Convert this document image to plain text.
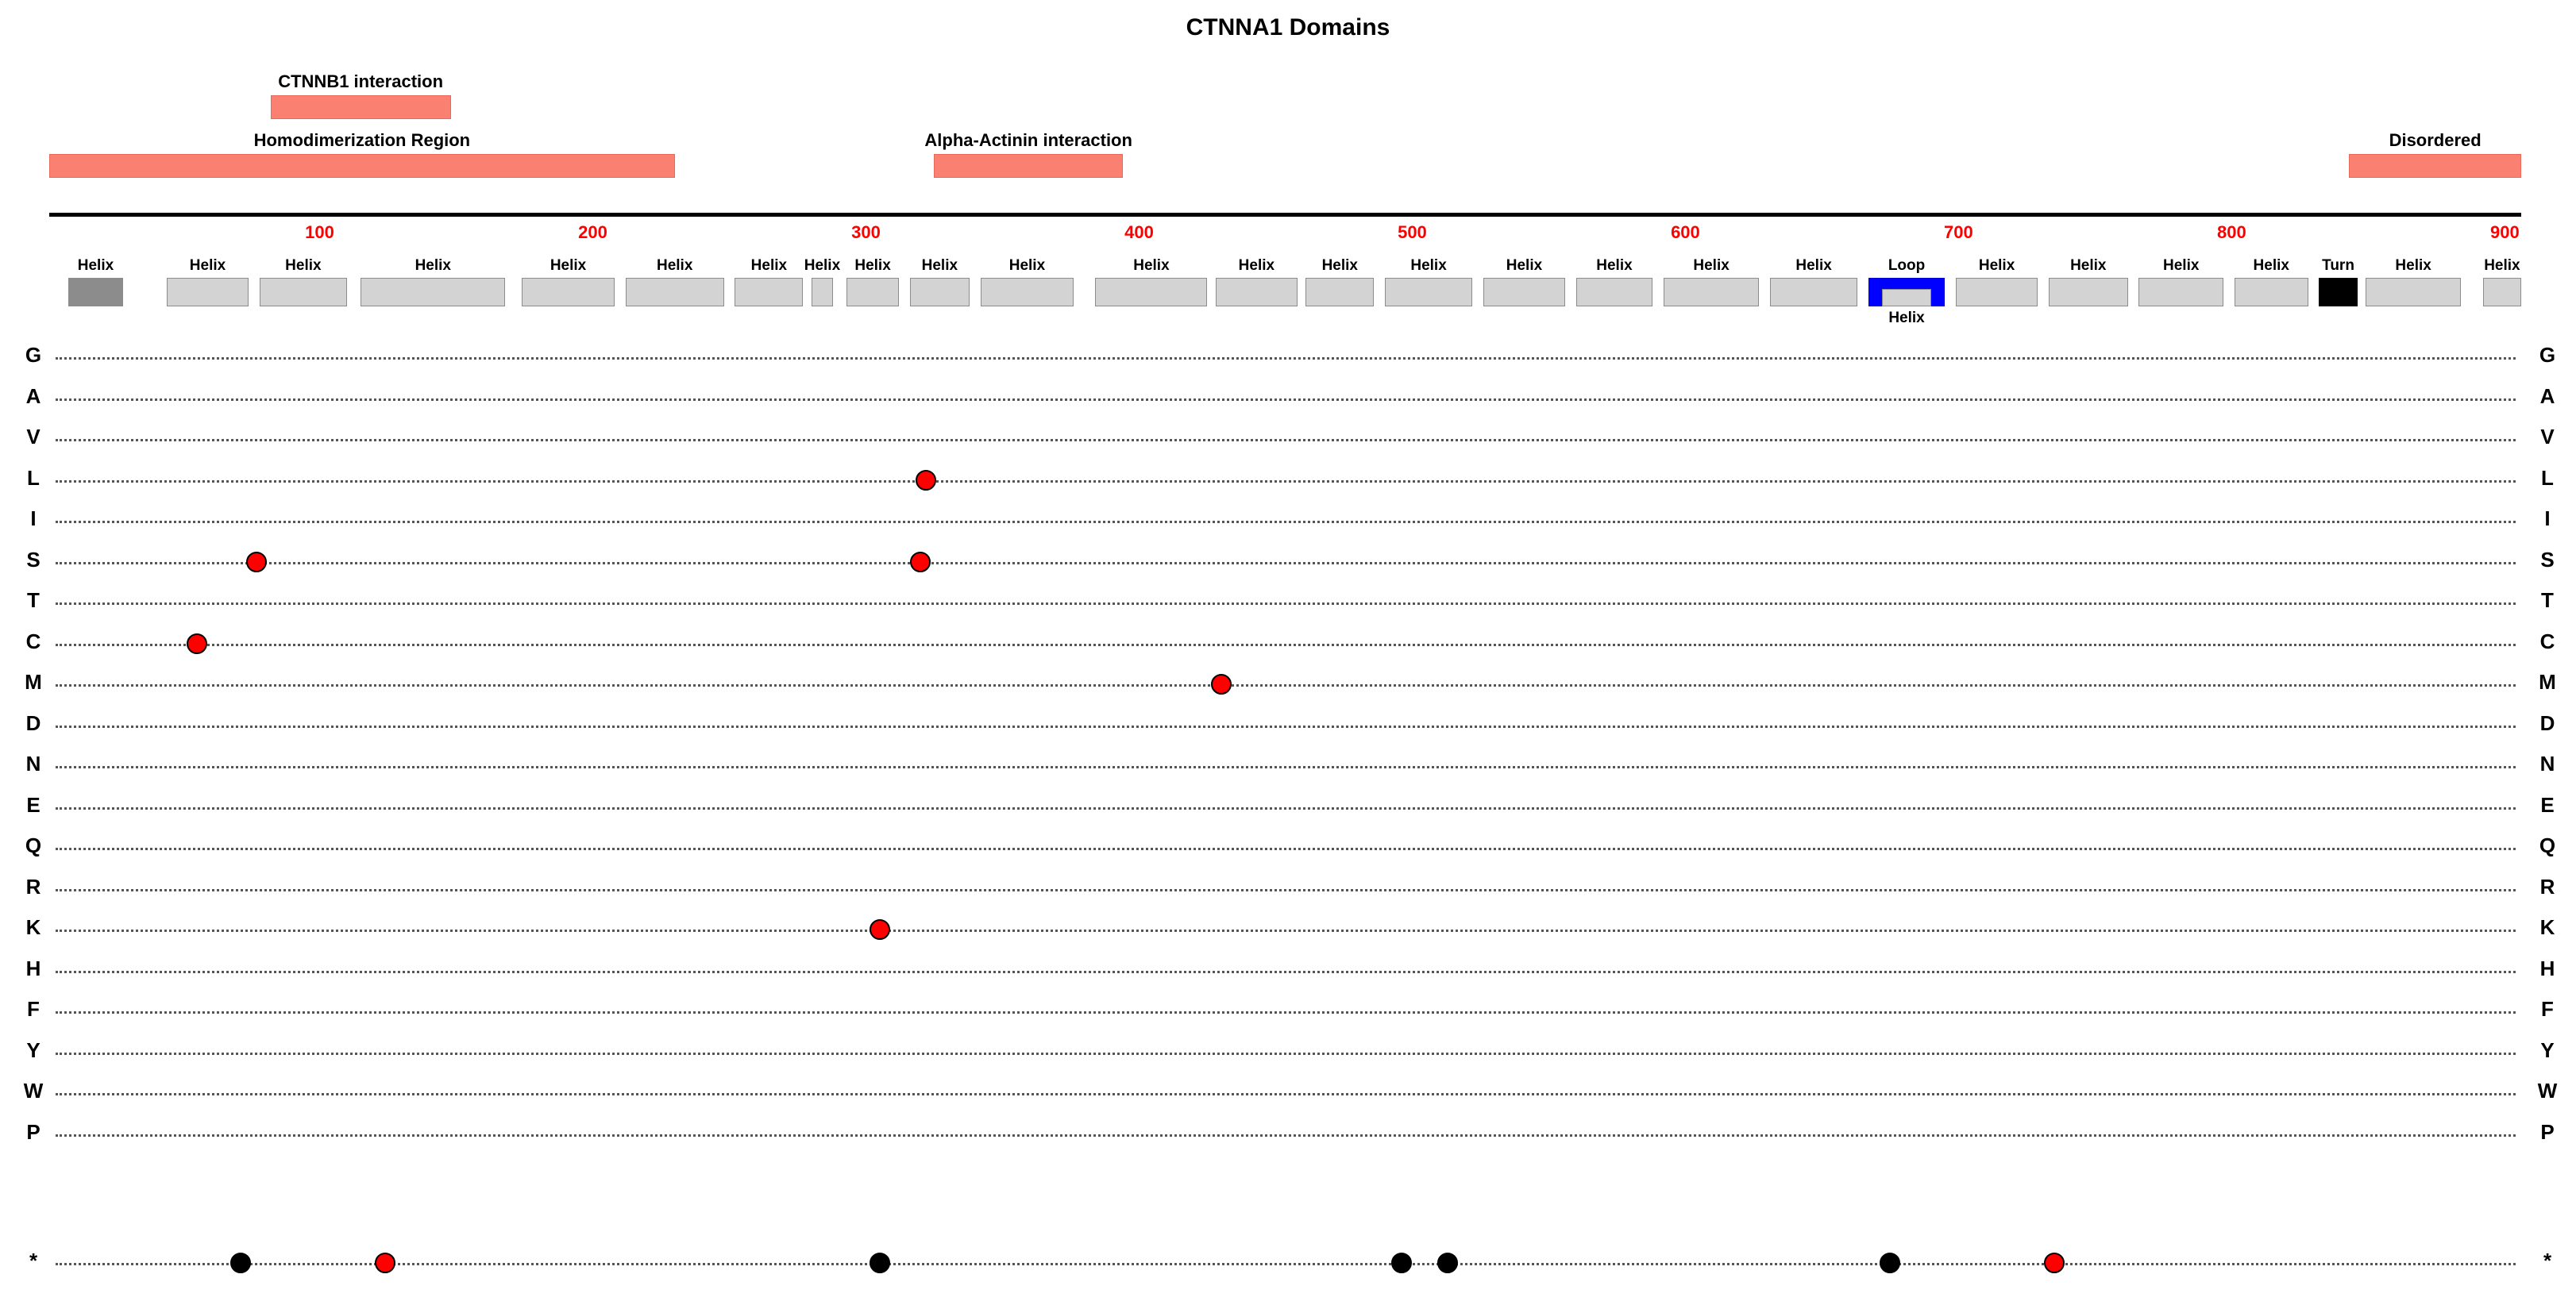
CTNNA1 Domains
CTNNB1 interaction
Homodimerization Region	Alpha-Actinin interaction	Disordered
100	200	300	400	500	600	700	800	900
Helix	Helix	Helix	Helix	Helix	Helix	Helix	Helix Helix	Helix	Helix	Helix	Helix	Helix	Helix	Helix	Helix	Helix	Helix	Loop
Helix
Helix	Helix	Helix	Helix	Turn	Helix	Helix
G	G
A	A
V	V
L	L
I	I
S	S
T	T
C	C
M	M
D	D
N	N
E	E
Q	Q
R	R
K	K
H	H
F	F
Y	Y
W	W
P	P
*	*
